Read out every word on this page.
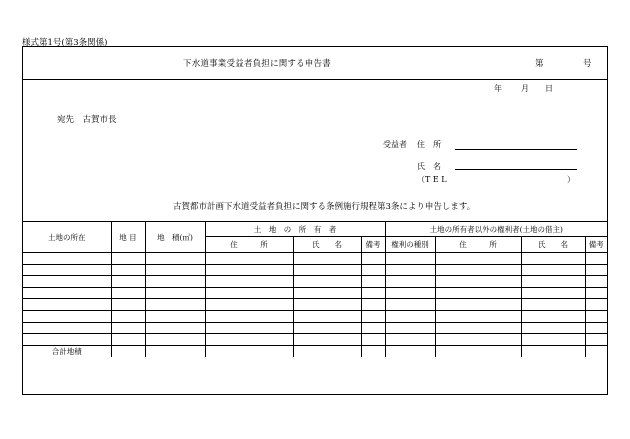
様式第1号(第3条関係)
下水道事業受益者負担に関する申告書	第	号
年 月 日
宛先　古賀市長
受益者 住　所
氏　名
（T E L	）
古賀都市計画下水道受益者負担に関する条例施行規程第3条により申告します。
土地の所在	地 目	地　積(㎡)	土　地　の　所　有　者			土地の所有者以外の権利者(土地の借主)			
			住　　　所	氏　　名	備考	権利の種別	住　　　所	氏　　名	備考

合計地積									
